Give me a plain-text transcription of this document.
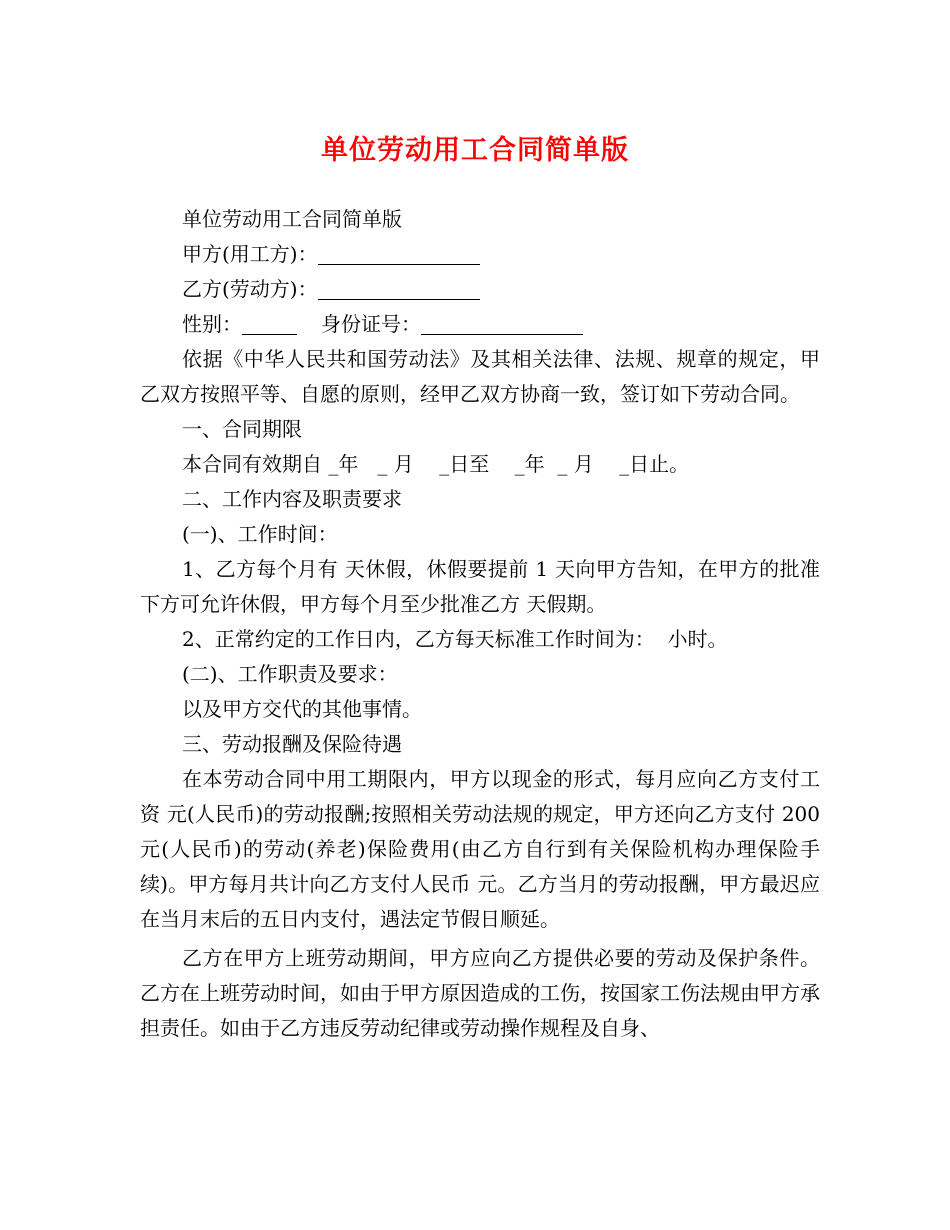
单位劳动用工合同简单版

单位劳动用工合同简单版

甲方(用工方)：

乙方(劳动方)：

性别：	身份证号：

依据《中华人民共和国劳动法》及其相关法律、法规、规章的规定，甲乙双方按照平等、自愿的原则，经甲乙双方协商一致，签订如下劳动合同。

一、合同期限

本合同有效期自 _年   _ 月    _日至    _年  _ 月    _日止。

二、工作内容及职责要求

(一)、工作时间：

1、乙方每个月有 天休假，休假要提前 1 天向甲方告知，在甲方的批准下方可允许休假，甲方每个月至少批准乙方 天假期。

2、正常约定的工作日内，乙方每天标准工作时间为：  小时。

(二)、工作职责及要求：

以及甲方交代的其他事情。

三、劳动报酬及保险待遇

在本劳动合同中用工期限内，甲方以现金的形式，每月应向乙方支付工资 元(人民币)的劳动报酬;按照相关劳动法规的规定，甲方还向乙方支付 200 元(人民币)的劳动(养老)保险费用(由乙方自行到有关保险机构办理保险手续)。甲方每月共计向乙方支付人民币 元。乙方当月的劳动报酬，甲方最迟应在当月末后的五日内支付，遇法定节假日顺延。

乙方在甲方上班劳动期间，甲方应向乙方提供必要的劳动及保护条件。乙方在上班劳动时间，如由于甲方原因造成的工伤，按国家工伤法规由甲方承担责任。如由于乙方违反劳动纪律或劳动操作规程及自身、
